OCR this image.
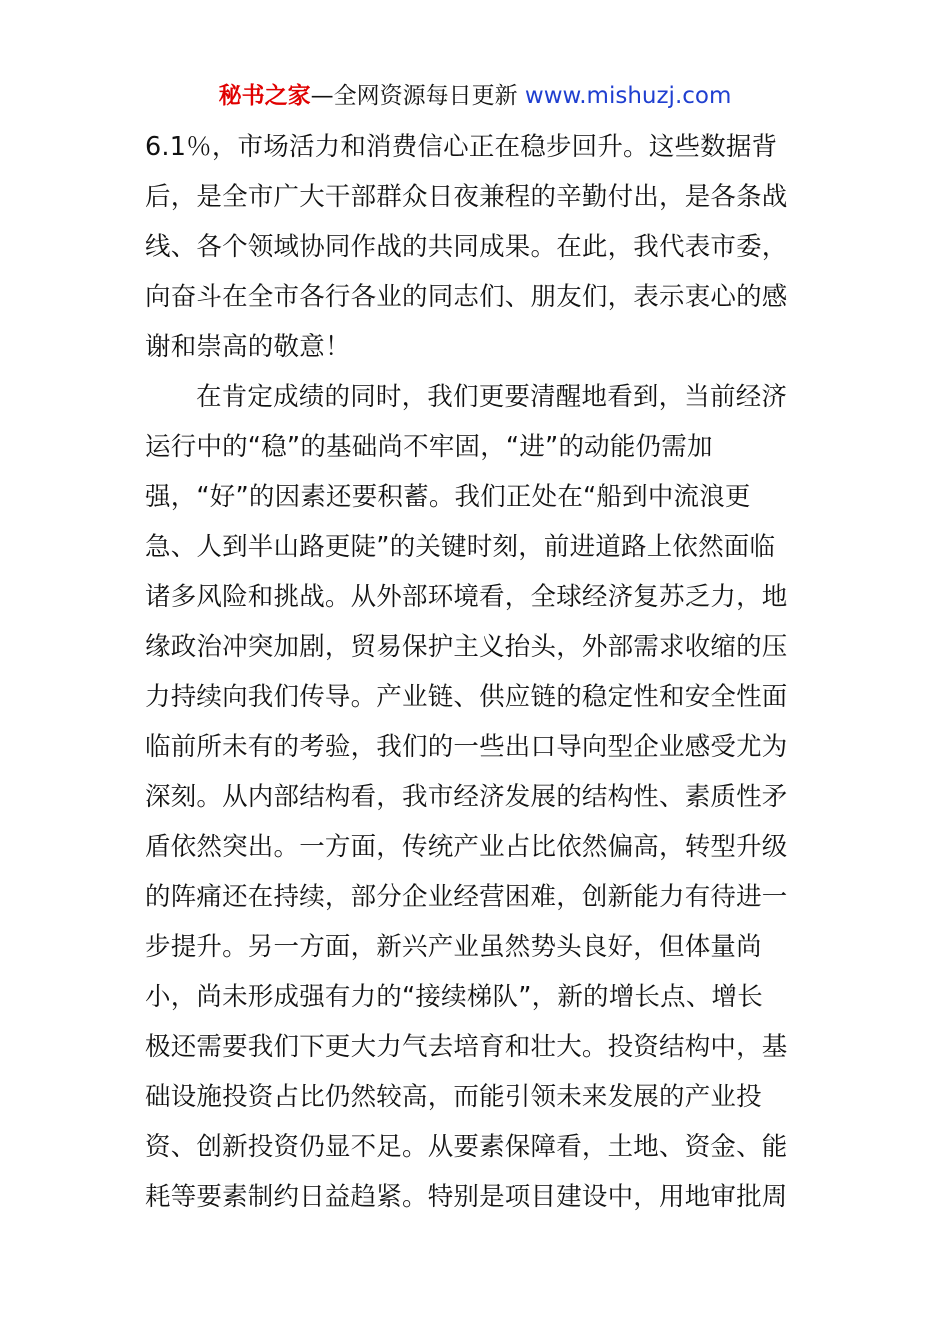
秘书之家—全网资源每日更新 www.mishuzj.com
6.1％，市场活力和消费信心正在稳步回升。这些数据背
后，是全市广大干部群众日夜兼程的辛勤付出，是各条战
线、各个领域协同作战的共同成果。在此，我代表市委，
向奋斗在全市各行各业的同志们、朋友们，表示衷心的感
谢和崇高的敬意！
在肯定成绩的同时，我们更要清醒地看到，当前经济
运行中的“稳”的基础尚不牢固，“进”的动能仍需加
强，“好”的因素还要积蓄。我们正处在“船到中流浪更
急、人到半山路更陡”的关键时刻，前进道路上依然面临
诸多风险和挑战。从外部环境看，全球经济复苏乏力，地
缘政治冲突加剧，贸易保护主义抬头，外部需求收缩的压
力持续向我们传导。产业链、供应链的稳定性和安全性面
临前所未有的考验，我们的一些出口导向型企业感受尤为
深刻。从内部结构看，我市经济发展的结构性、素质性矛
盾依然突出。一方面，传统产业占比依然偏高，转型升级
的阵痛还在持续，部分企业经营困难，创新能力有待进一
步提升。另一方面，新兴产业虽然势头良好，但体量尚
小，尚未形成强有力的“接续梯队”，新的增长点、增长
极还需要我们下更大力气去培育和壮大。投资结构中，基
础设施投资占比仍然较高，而能引领未来发展的产业投
资、创新投资仍显不足。从要素保障看，土地、资金、能
耗等要素制约日益趋紧。特别是项目建设中，用地审批周
